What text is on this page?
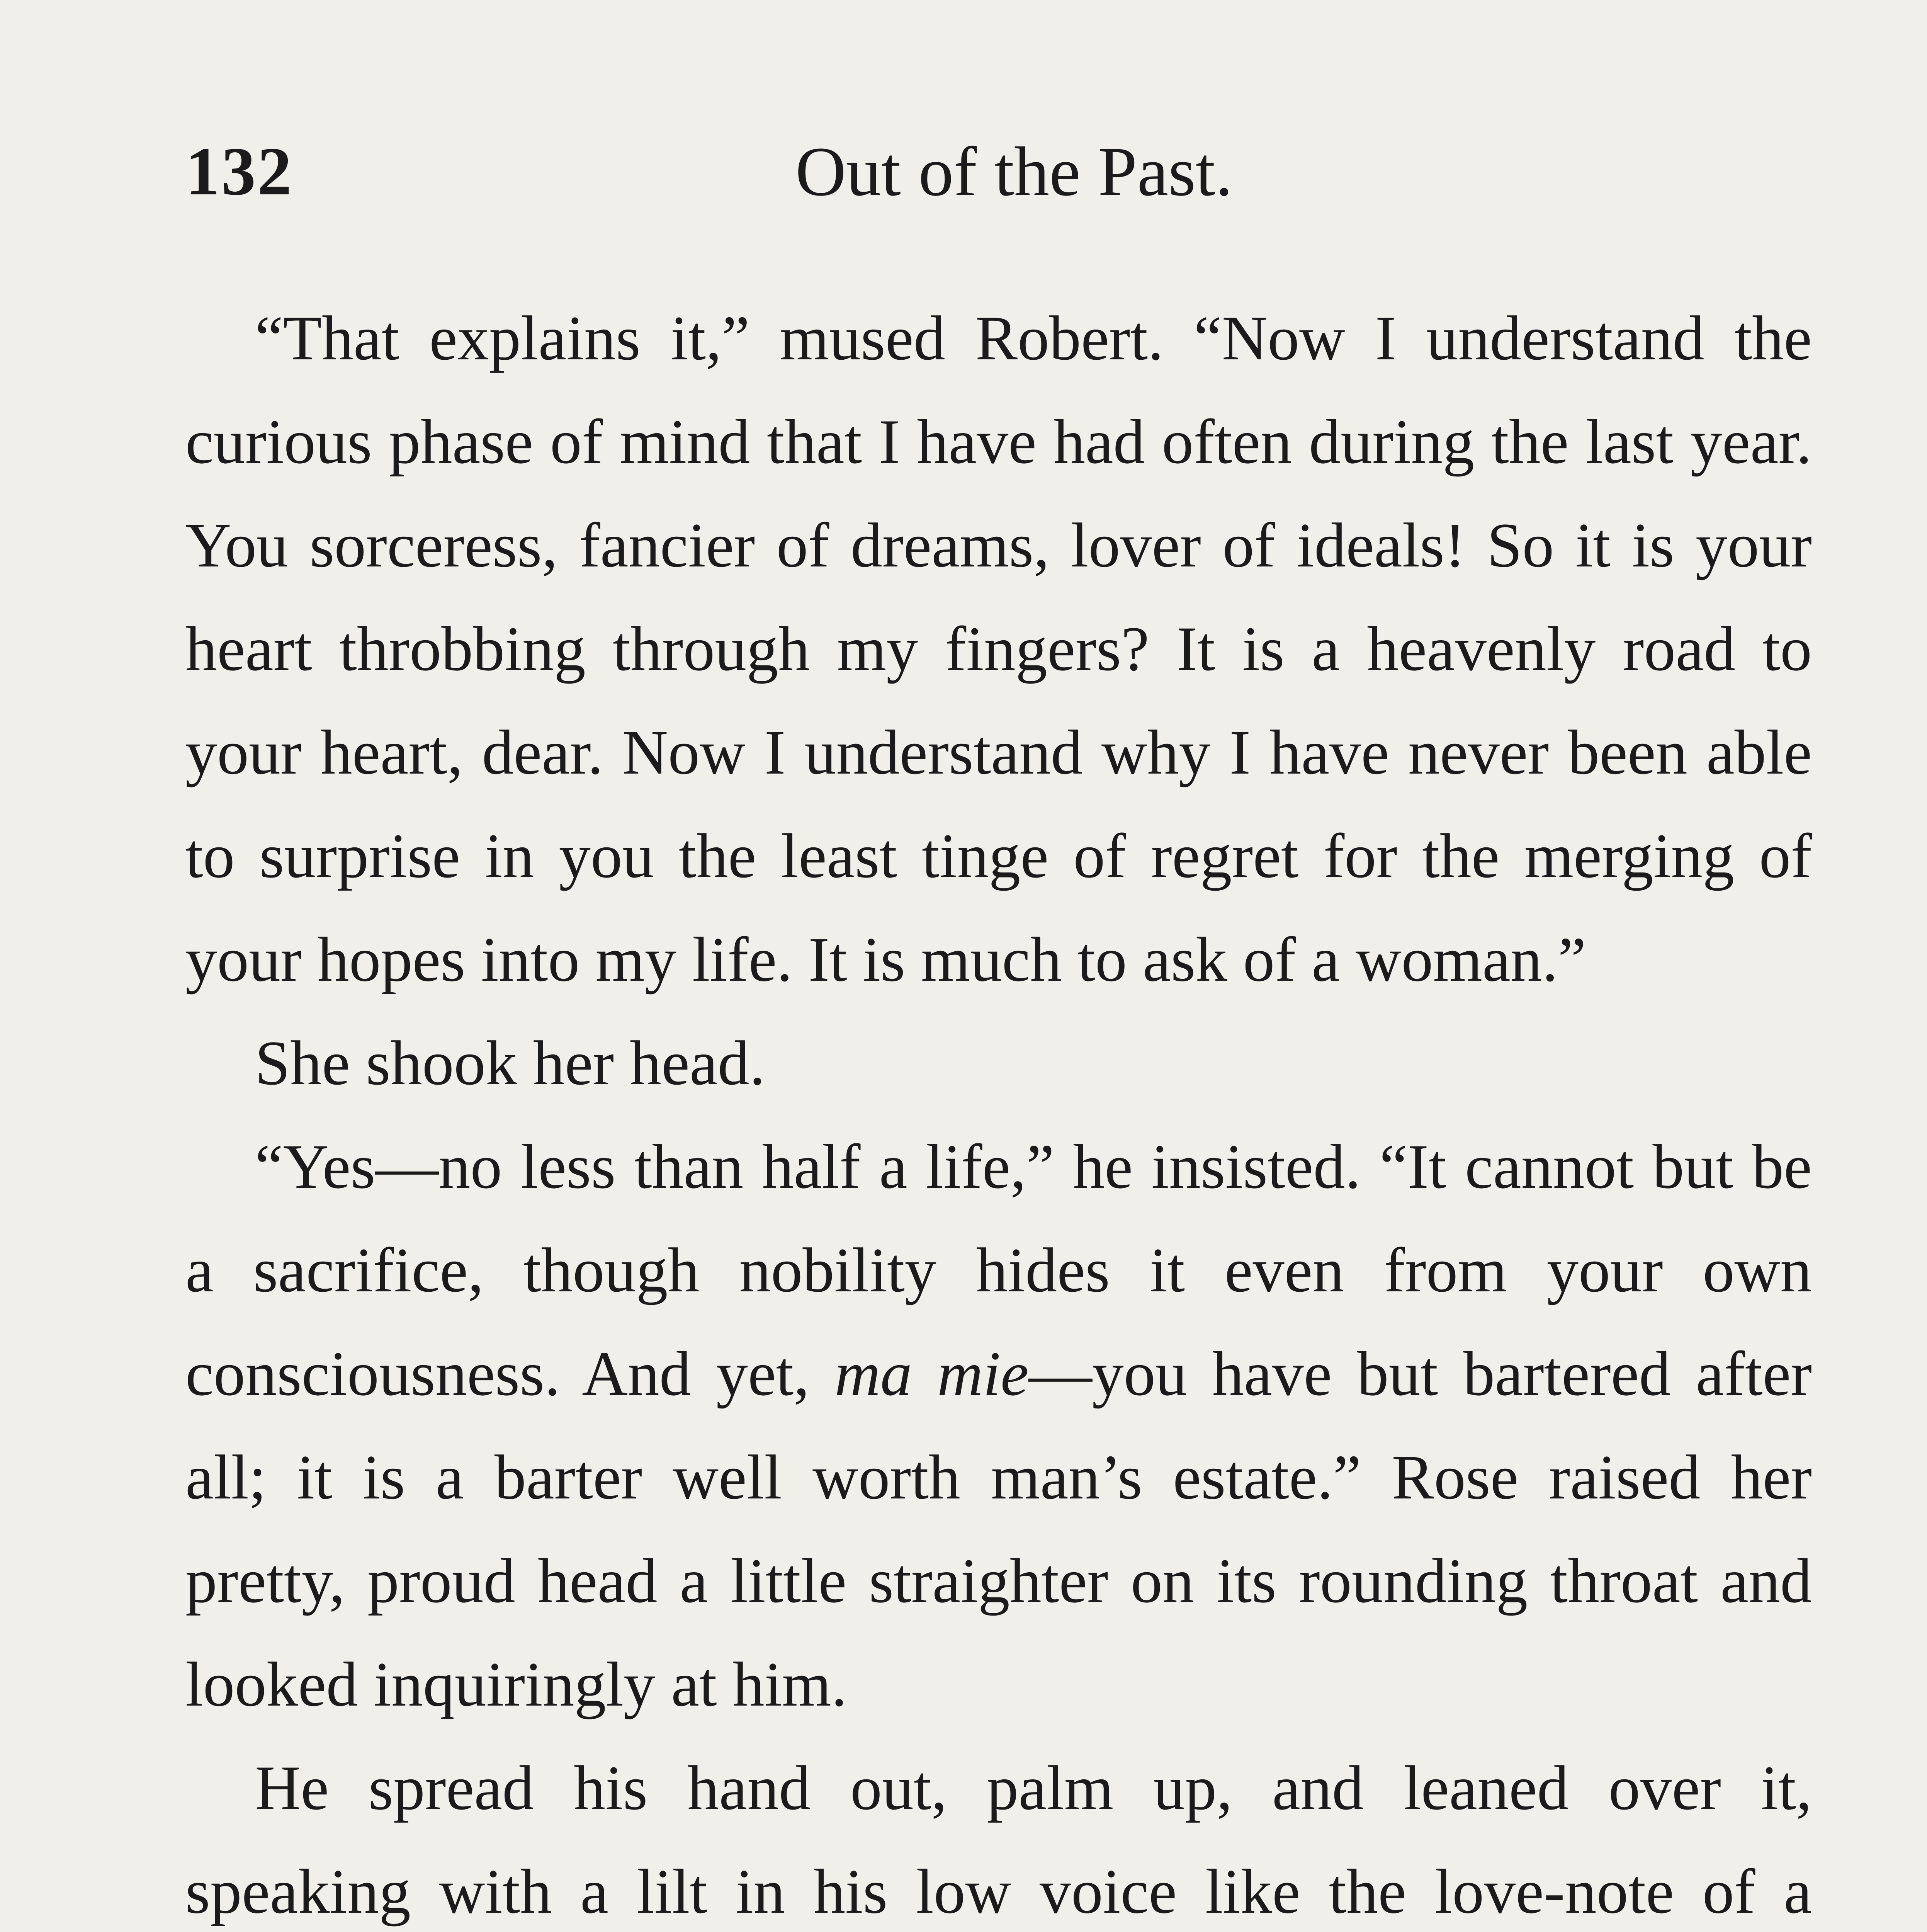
132	Out of the Past.

“That explains it,” mused Robert. “Now I understand the curious phase of mind that I have had often during the last year. You sorceress, fancier of dreams, lover of ideals! So it is your heart throbbing through my fingers? It is a heavenly road to your heart, dear. Now I understand why I have never been able to surprise in you the least tinge of regret for the merging of your hopes into my life. It is much to ask of a woman.”

She shook her head.

“Yes—no less than half a life,” he insisted. “It cannot but be a sacrifice, though nobility hides it even from your own consciousness. And yet, ma mie—you have but bartered after all; it is a barter well worth man’s estate.” Rose raised her pretty, proud head a little straighter on its rounding throat and looked inquiringly at him.

He spread his hand out, palm up, and leaned over it, speaking with a lilt in his low voice like the love-note of a
